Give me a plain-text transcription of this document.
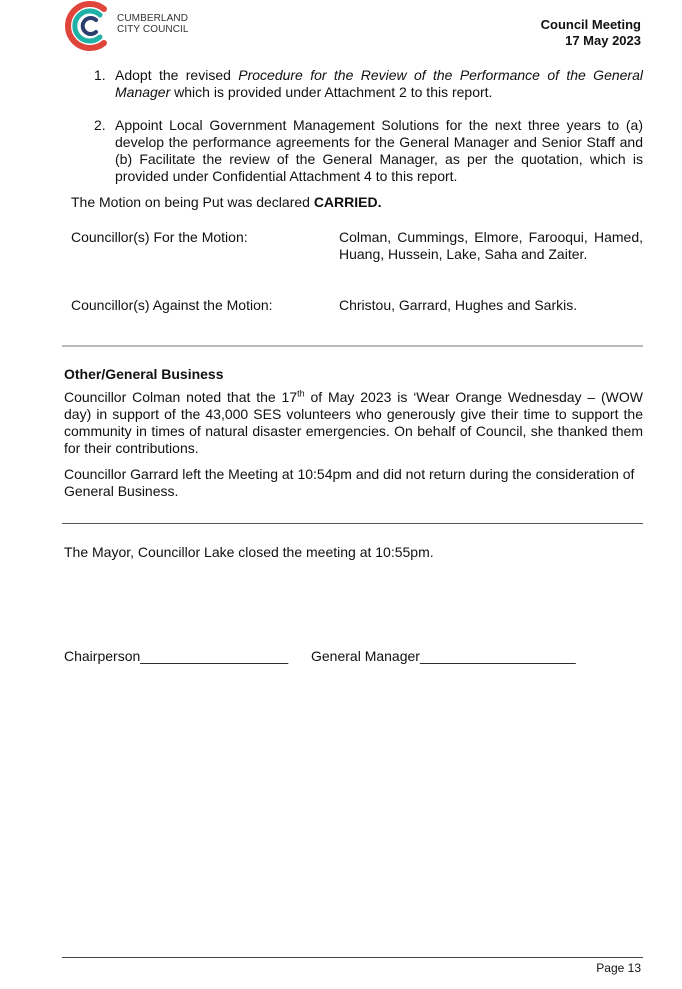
CUMBERLAND
CITY COUNCIL	Council Meeting
17 May 2023
1. Adopt the revised Procedure for the Review of the Performance of the General Manager which is provided under Attachment 2 to this report.
2. Appoint Local Government Management Solutions for the next three years to (a) develop the performance agreements for the General Manager and Senior Staff and (b) Facilitate the review of the General Manager, as per the quotation, which is provided under Confidential Attachment 4 to this report.
The Motion on being Put was declared CARRIED.
Councillor(s) For the Motion:	Colman, Cummings, Elmore, Farooqui, Hamed, Huang, Hussein, Lake, Saha and Zaiter.
Councillor(s) Against the Motion:	Christou, Garrard, Hughes and Sarkis.
Other/General Business
Councillor Colman noted that the 17th of May 2023 is ‘Wear Orange Wednesday – (WOW day) in support of the 43,000 SES volunteers who generously give their time to support the community in times of natural disaster emergencies. On behalf of Council, she thanked them for their contributions.
Councillor Garrard left the Meeting at 10:54pm and did not return during the consideration of General Business.
The Mayor, Councillor Lake closed the meeting at 10:55pm.
Chairperson___________________ General Manager____________________
Page 13
